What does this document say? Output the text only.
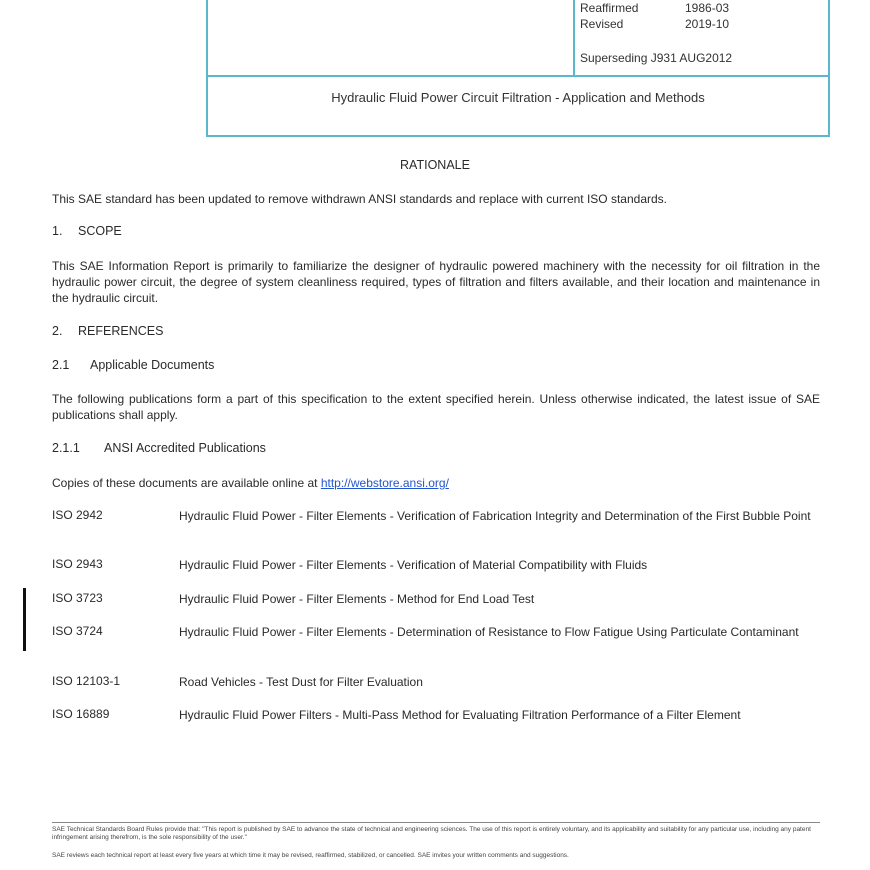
Reaffirmed	1986-03
Revised	2019-10
Superseding J931 AUG2012
Hydraulic Fluid Power Circuit Filtration - Application and Methods
RATIONALE
This SAE standard has been updated to remove withdrawn ANSI standards and replace with current ISO standards.
1. SCOPE
This SAE Information Report is primarily to familiarize the designer of hydraulic powered machinery with the necessity for oil filtration in the hydraulic power circuit, the degree of system cleanliness required, types of filtration and filters available, and their location and maintenance in the hydraulic circuit.
2. REFERENCES
2.1 Applicable Documents
The following publications form a part of this specification to the extent specified herein. Unless otherwise indicated, the latest issue of SAE publications shall apply.
2.1.1 ANSI Accredited Publications
Copies of these documents are available online at http://webstore.ansi.org/
ISO 2942	Hydraulic Fluid Power - Filter Elements - Verification of Fabrication Integrity and Determination of the First Bubble Point
ISO 2943	Hydraulic Fluid Power - Filter Elements - Verification of Material Compatibility with Fluids
ISO 3723	Hydraulic Fluid Power - Filter Elements - Method for End Load Test
ISO 3724	Hydraulic Fluid Power - Filter Elements - Determination of Resistance to Flow Fatigue Using Particulate Contaminant
ISO 12103-1	Road Vehicles - Test Dust for Filter Evaluation
ISO 16889	Hydraulic Fluid Power Filters - Multi-Pass Method for Evaluating Filtration Performance of a Filter Element
SAE Technical Standards Board Rules provide that: "This report is published by SAE to advance the state of technical and engineering sciences. The use of this report is entirely voluntary, and its applicability and suitability for any particular use, including any patent infringement arising therefrom, is the sole responsibility of the user."
SAE reviews each technical report at least every five years at which time it may be revised, reaffirmed, stabilized, or cancelled. SAE invites your written comments and suggestions.
